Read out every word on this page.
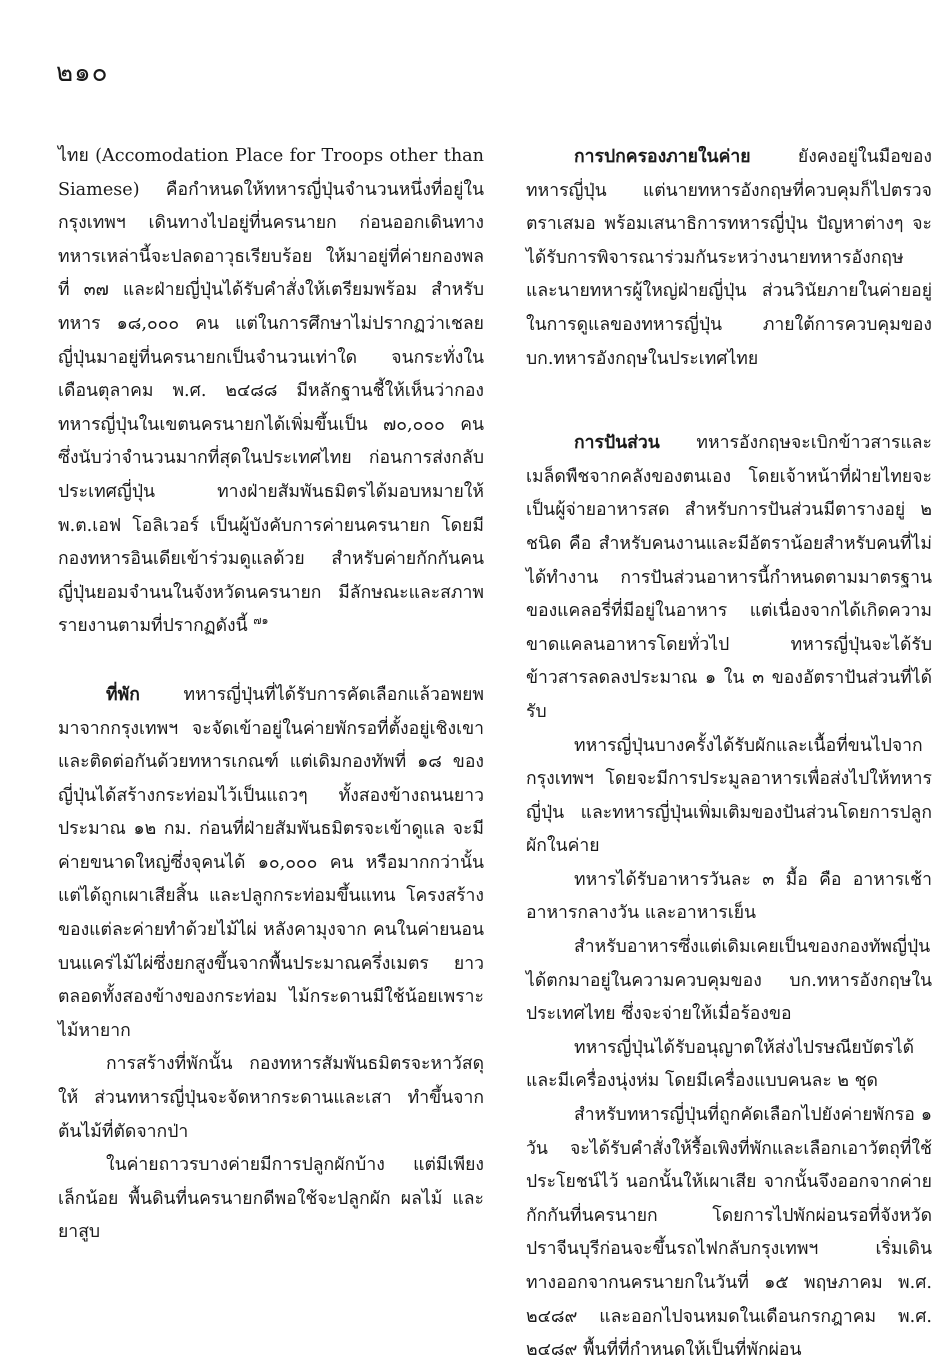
๒๑๐

ไทย (Accomodation Place for Troops other than Siamese) คือกำหนดให้ทหารญี่ปุ่นจำนวนหนึ่งที่อยู่ในกรุงเทพฯ เดินทางไปอยู่ที่นครนายก ก่อนออกเดินทางทหารเหล่านี้จะปลดอาวุธเรียบร้อย ให้มาอยู่ที่ค่ายกองพลที่ ๓๗ และฝ่ายญี่ปุ่นได้รับคำสั่งให้เตรียมพร้อม สำหรับทหาร ๑๘,๐๐๐ คน แต่ในการศึกษาไม่ปรากฏว่าเชลยญี่ปุ่นมาอยู่ที่นครนายกเป็นจำนวนเท่าใด จนกระทั่งในเดือนตุลาคม พ.ศ. ๒๔๘๘ มีหลักฐานชี้ให้เห็นว่ากองทหารญี่ปุ่นในเขตนครนายกได้เพิ่มขึ้นเป็น ๗๐,๐๐๐ คน ซึ่งนับว่าจำนวนมากที่สุดในประเทศไทย ก่อนการส่งกลับประเทศญี่ปุ่น ทางฝ่ายสัมพันธมิตรได้มอบหมายให้ พ.ต.เอฟ โอลิเวอร์ เป็นผู้บังคับการค่ายนครนายก โดยมีกองทหารอินเดียเข้าร่วมดูแลด้วย สำหรับค่ายกักกันคนญี่ปุ่นยอมจำนนในจังหวัดนครนายก มีลักษณะและสภาพรายงานตามที่ปรากฏดังนี้ $^{๗๑}$

ที่พัก ทหารญี่ปุ่นที่ได้รับการคัดเลือกแล้วอพยพมาจากกรุงเทพฯ จะจัดเข้าอยู่ในค่ายพักรอที่ตั้งอยู่เชิงเขา และติดต่อกันด้วยทหารเกณฑ์ แต่เดิมกองทัพที่ ๑๘ ของญี่ปุ่นได้สร้างกระท่อมไว้เป็นแถวๆ ทั้งสองข้างถนนยาวประมาณ ๑๒ กม. ก่อนที่ฝ่ายสัมพันธมิตรจะเข้าดูแล จะมีค่ายขนาดใหญ่ซึ่งจุคนได้ ๑๐,๐๐๐ คน หรือมากกว่านั้น แต่ได้ถูกเผาเสียสิ้น และปลูกกระท่อมขึ้นแทน โครงสร้างของแต่ละค่ายทำด้วยไม้ไผ่ หลังคามุงจาก คนในค่ายนอนบนแคร่ไม้ไผ่ซึ่งยกสูงขึ้นจากพื้นประมาณครึ่งเมตร ยาวตลอดทั้งสองข้างของกระท่อม ไม้กระดานมีใช้น้อยเพราะไม้หายาก

การสร้างที่พักนั้น กองทหารสัมพันธมิตรจะหาวัสดุให้ ส่วนทหารญี่ปุ่นจะจัดหากระดานและเสา ทำขึ้นจากต้นไม้ที่ตัดจากป่า

ในค่ายถาวรบางค่ายมีการปลูกผักบ้าง แต่มีเพียงเล็กน้อย พื้นดินที่นครนายกดีพอใช้จะปลูกผัก ผลไม้ และยาสูบ

การปกครองภายในค่าย	ยังคงอยู่ในมือของทหารญี่ปุ่น แต่นายทหารอังกฤษที่ควบคุมก็ไปตรวจตราเสมอ พร้อมเสนาธิการทหารญี่ปุ่น ปัญหาต่างๆ จะได้รับการพิจารณาร่วมกันระหว่างนายทหารอังกฤษและนายทหารผู้ใหญ่ฝ่ายญี่ปุ่น ส่วนวินัยภายในค่ายอยู่ในการดูแลของทหารญี่ปุ่น ภายใต้การควบคุมของ บก.ทหารอังกฤษในประเทศไทย

การปันส่วน ทหารอังกฤษจะเบิกข้าวสารและเมล็ดพืชจากคลังของตนเอง โดยเจ้าหน้าที่ฝ่ายไทยจะเป็นผู้จ่ายอาหารสด สำหรับการปันส่วนมีตารางอยู่ ๒ ชนิด คือ สำหรับคนงานและมีอัตราน้อยสำหรับคนที่ไม่ได้ทำงาน การปันส่วนอาหารนี้กำหนดตามมาตรฐานของแคลอรี่ที่มีอยู่ในอาหาร แต่เนื่องจากได้เกิดความขาดแคลนอาหารโดยทั่วไป ทหารญี่ปุ่นจะได้รับข้าวสารลดลงประมาณ ๑ ใน ๓ ของอัตราปันส่วนที่ได้รับ

ทหารญี่ปุ่นบางครั้งได้รับผักและเนื้อที่ขนไปจากกรุงเทพฯ โดยจะมีการประมูลอาหารเพื่อส่งไปให้ทหารญี่ปุ่น และทหารญี่ปุ่นเพิ่มเติมของปันส่วนโดยการปลูกผักในค่าย

ทหารได้รับอาหารวันละ ๓ มื้อ คือ อาหารเช้า อาหารกลางวัน และอาหารเย็น

สำหรับอาหารซึ่งแต่เดิมเคยเป็นของกองทัพญี่ปุ่น ได้ตกมาอยู่ในความควบคุมของ บก.ทหารอังกฤษในประเทศไทย ซึ่งจะจ่ายให้เมื่อร้องขอ

ทหารญี่ปุ่นได้รับอนุญาตให้ส่งไปรษณียบัตรได้ และมีเครื่องนุ่งห่ม โดยมีเครื่องแบบคนละ ๒ ชุด

สำหรับทหารญี่ปุ่นที่ถูกคัดเลือกไปยังค่ายพักรอ ๑ วัน จะได้รับคำสั่งให้รื้อเพิงที่พักและเลือกเอาวัตถุที่ใช้ประโยชน์ไว้ นอกนั้นให้เผาเสีย จากนั้นจึงออกจากค่ายกักกันที่นครนายก โดยการไปพักผ่อนรอที่จังหวัดปราจีนบุรีก่อนจะขึ้นรถไฟกลับกรุงเทพฯ เริ่มเดินทางออกจากนครนายกในวันที่ ๑๕ พฤษภาคม พ.ศ. ๒๔๘๙ และออกไปจนหมดในเดือนกรกฎาคม พ.ศ. ๒๔๘๙ พื้นที่ที่กำหนดให้เป็นที่พักผ่อน
